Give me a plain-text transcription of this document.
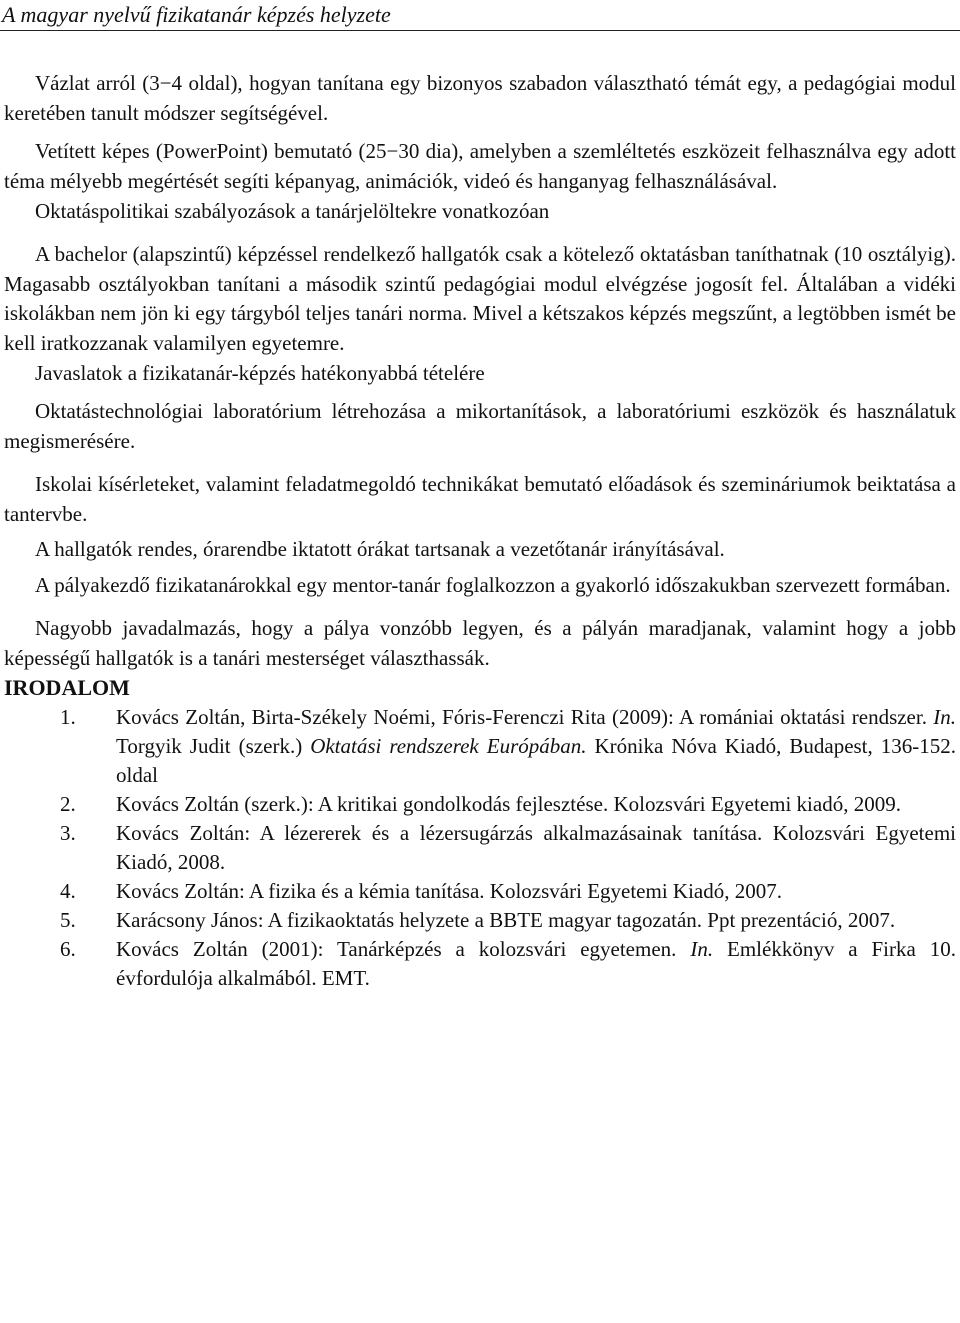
A magyar nyelvű fizikatanár képzés helyzete

Vázlat arról (3−4 oldal), hogyan tanítana egy bizonyos szabadon választható témát egy, a pedagógiai modul keretében tanult módszer segítségével.

Vetített képes (PowerPoint) bemutató (25−30 dia), amelyben a szemléltetés eszközeit felhasználva egy adott téma mélyebb megértését segíti képanyag, animációk, videó és hanganyag felhasználásával.

Oktatáspolitikai szabályozások a tanárjelöltekre vonatkozóan

A bachelor (alapszintű) képzéssel rendelkező hallgatók csak a kötelező oktatásban taníthatnak (10 osztályig). Magasabb osztályokban tanítani a második szintű pedagógiai modul elvégzése jogosít fel. Általában a vidéki iskolákban nem jön ki egy tárgyból teljes tanári norma. Mivel a kétszakos képzés megszűnt, a legtöbben ismét be kell iratkozzanak valamilyen egyetemre.

Javaslatok a fizikatanár-képzés hatékonyabbá tételére

Oktatástechnológiai laboratórium létrehozása a mikortanítások, a laboratóriumi eszközök és használatuk megismerésére.

Iskolai kísérleteket, valamint feladatmegoldó technikákat bemutató előadások és szemináriumok beiktatása a tantervbe.

A hallgatók rendes, órarendbe iktatott órákat tartsanak a vezetőtanár irányításával.

A pályakezdő fizikatanárokkal egy mentor-tanár foglalkozzon a gyakorló időszakukban szervezett formában.

Nagyobb javadalmazás, hogy a pálya vonzóbb legyen, és a pályán maradjanak, valamint hogy a jobb képességű hallgatók is a tanári mesterséget választhassák.

IRODALOM

1. Kovács Zoltán, Birta-Székely Noémi, Fóris-Ferenczi Rita (2009): A romániai oktatási rendszer. In. Torgyik Judit (szerk.) Oktatási rendszerek Európában. Krónika Nóva Kiadó, Budapest, 136-152. oldal
2. Kovács Zoltán (szerk.): A kritikai gondolkodás fejlesztése. Kolozsvári Egyetemi kiadó, 2009.
3. Kovács Zoltán: A lézererek és a lézersugárzás alkalmazásainak tanítása. Kolozsvári Egyetemi Kiadó, 2008.
4. Kovács Zoltán: A fizika és a kémia tanítása. Kolozsvári Egyetemi Kiadó, 2007.
5. Karácsony János: A fizikaoktatás helyzete a BBTE magyar tagozatán. Ppt prezentáció, 2007.
6. Kovács Zoltán (2001): Tanárképzés a kolozsvári egyetemen. In. Emlékkönyv a Firka 10. évfordulója alkalmából. EMT.
